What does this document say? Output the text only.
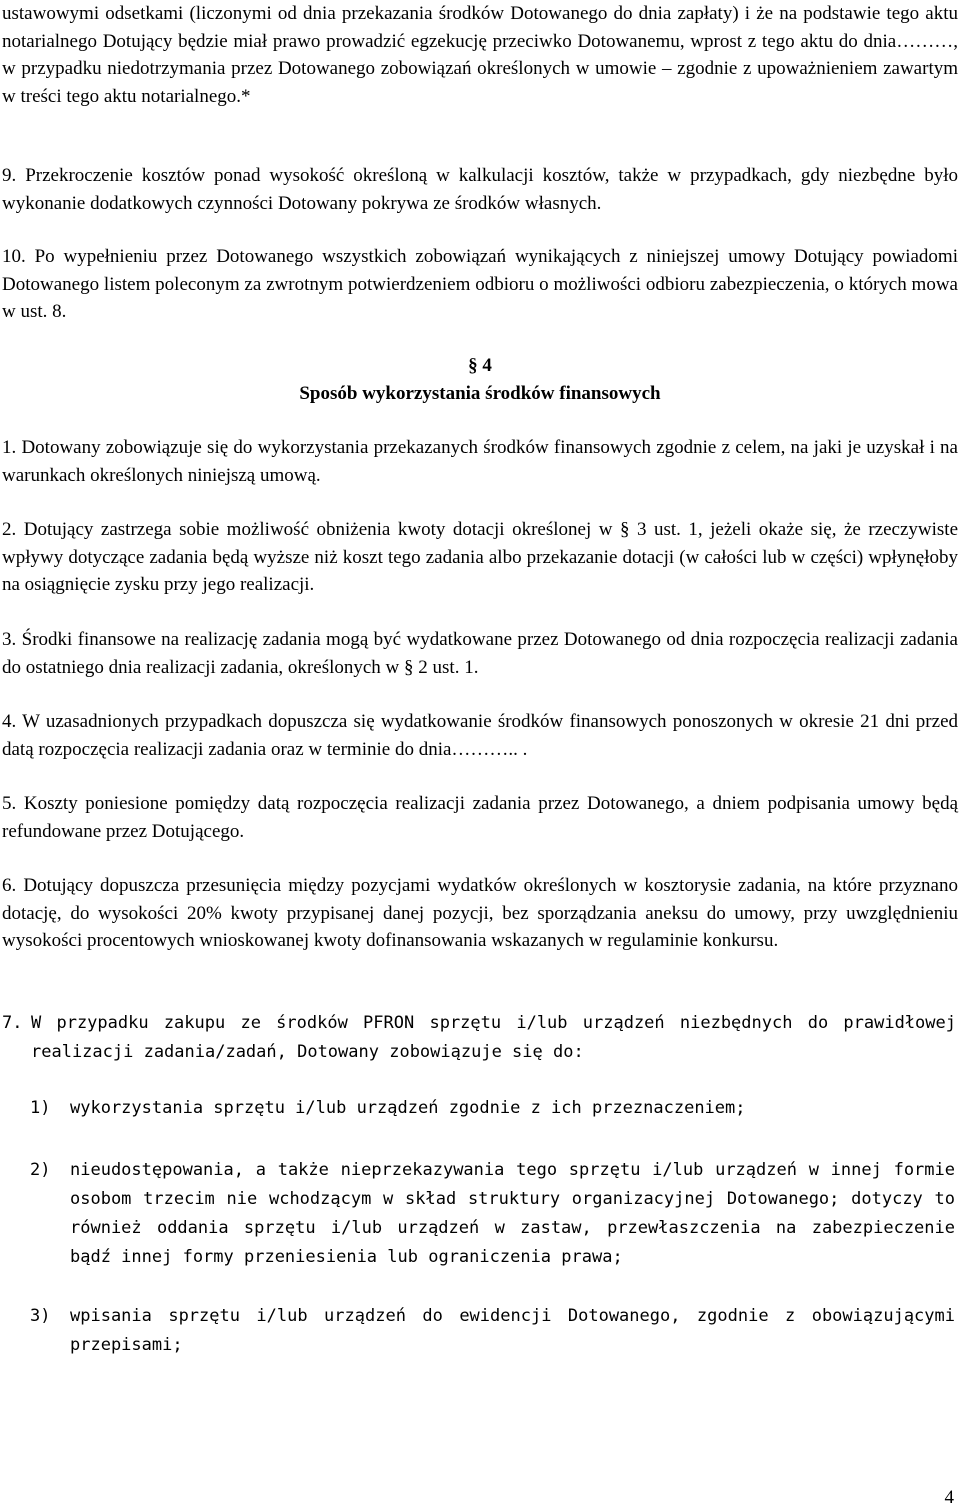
ustawowymi odsetkami (liczonymi od dnia przekazania środków Dotowanego do dnia zapłaty) i że na podstawie tego aktu notarialnego Dotujący będzie miał prawo prowadzić egzekucję przeciwko Dotowanemu, wprost z tego aktu do dnia………, w przypadku niedotrzymania przez Dotowanego zobowiązań określonych w umowie – zgodnie z upoważnieniem zawartym w treści tego aktu notarialnego.*

9. Przekroczenie kosztów ponad wysokość określoną w kalkulacji kosztów, także w przypadkach, gdy niezbędne było wykonanie dodatkowych czynności Dotowany pokrywa ze środków własnych.

10. Po wypełnieniu przez Dotowanego wszystkich zobowiązań wynikających z niniejszej umowy Dotujący powiadomi Dotowanego listem poleconym za zwrotnym potwierdzeniem odbioru o możliwości odbioru zabezpieczenia, o których mowa w ust. 8.

§ 4

Sposób wykorzystania środków finansowych

1. Dotowany zobowiązuje się do wykorzystania przekazanych środków finansowych zgodnie z celem, na jaki je uzyskał i na warunkach określonych niniejszą umową.

2. Dotujący zastrzega sobie możliwość obniżenia kwoty dotacji określonej w § 3 ust. 1, jeżeli okaże się, że rzeczywiste wpływy dotyczące zadania będą wyższe niż koszt tego zadania albo przekazanie dotacji (w całości lub w części) wpłynęłoby na osiągnięcie zysku przy jego realizacji.

3. Środki finansowe na realizację zadania mogą być wydatkowane przez Dotowanego od dnia rozpoczęcia realizacji zadania do ostatniego dnia realizacji zadania, określonych w § 2 ust. 1.

4. W uzasadnionych przypadkach dopuszcza się wydatkowanie środków finansowych ponoszonych w okresie 21 dni przed datą rozpoczęcia realizacji zadania oraz w terminie do dnia……….. .

5. Koszty poniesione pomiędzy datą rozpoczęcia realizacji zadania przez Dotowanego, a dniem podpisania umowy będą refundowane przez Dotującego.

6. Dotujący dopuszcza przesunięcia między pozycjami wydatków określonych w kosztorysie zadania, na które przyznano dotację, do wysokości 20% kwoty przypisanej danej pozycji, bez sporządzania aneksu do umowy, przy uwzględnieniu wysokości procentowych wnioskowanej kwoty dofinansowania wskazanych w regulaminie konkursu.

7. W przypadku zakupu ze środków PFRON sprzętu i/lub urządzeń niezbędnych do prawidłowej realizacji zadania/zadań, Dotowany zobowiązuje się do:
1) wykorzystania sprzętu i/lub urządzeń zgodnie z ich przeznaczeniem;
2) nieudostępowania, a także nieprzekazywania tego sprzętu i/lub urządzeń w innej formie osobom trzecim nie wchodzącym w skład struktury organizacyjnej Dotowanego; dotyczy to również oddania sprzętu i/lub urządzeń w zastaw, przewłaszczenia na zabezpieczenie bądź innej formy przeniesienia lub ograniczenia prawa;
3) wpisania sprzętu i/lub urządzeń do ewidencji Dotowanego, zgodnie z obowiązującymi przepisami;
4
